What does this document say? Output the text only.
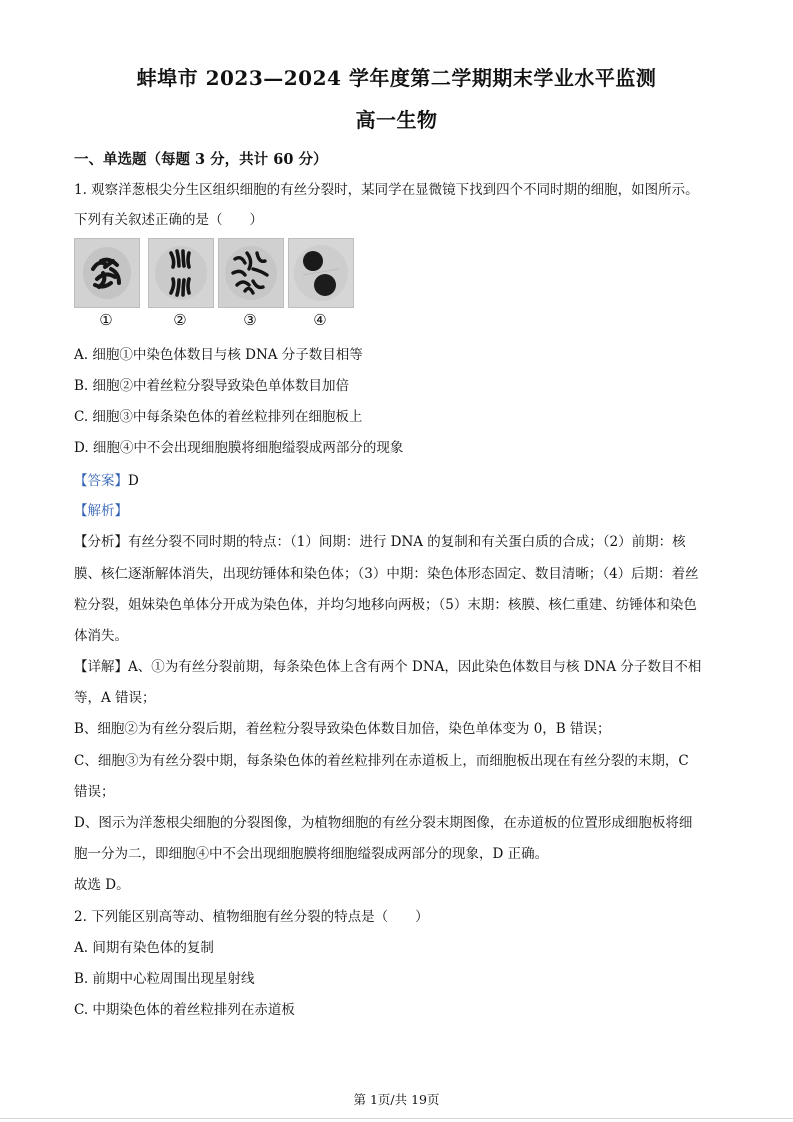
蚌埠市 2023—2024 学年度第二学期期末学业水平监测
高一生物
一、单选题（每题 3 分，共计 60 分）
1. 观察洋葱根尖分生区组织细胞的有丝分裂时，某同学在显微镜下找到四个不同时期的细胞，如图所示。
下列有关叙述正确的是（　　）
①	②	③	④
A. 细胞①中染色体数目与核 DNA 分子数目相等
B. 细胞②中着丝粒分裂导致染色单体数目加倍
C. 细胞③中每条染色体的着丝粒排列在细胞板上
D. 细胞④中不会出现细胞膜将细胞缢裂成两部分的现象
【答案】D
【解析】
【分析】有丝分裂不同时期的特点：（1）间期：进行 DNA 的复制和有关蛋白质的合成；（2）前期：核
膜、核仁逐渐解体消失，出现纺锤体和染色体；（3）中期：染色体形态固定、数目清晰；（4）后期：着丝
粒分裂，姐妹染色单体分开成为染色体，并均匀地移向两极；（5）末期：核膜、核仁重建、纺锤体和染色
体消失。
【详解】A、①为有丝分裂前期，每条染色体上含有两个 DNA，因此染色体数目与核 DNA 分子数目不相
等，A 错误；
B、细胞②为有丝分裂后期，着丝粒分裂导致染色体数目加倍，染色单体变为 0，B 错误；
C、细胞③为有丝分裂中期，每条染色体的着丝粒排列在赤道板上，而细胞板出现在有丝分裂的末期，C
错误；
D、图示为洋葱根尖细胞的分裂图像，为植物细胞的有丝分裂末期图像，在赤道板的位置形成细胞板将细
胞一分为二，即细胞④中不会出现细胞膜将细胞缢裂成两部分的现象，D 正确。
故选 D。
2. 下列能区别高等动、植物细胞有丝分裂的特点是（　　）
A. 间期有染色体的复制
B. 前期中心粒周围出现星射线
C. 中期染色体的着丝粒排列在赤道板
第 1页/共 19页
